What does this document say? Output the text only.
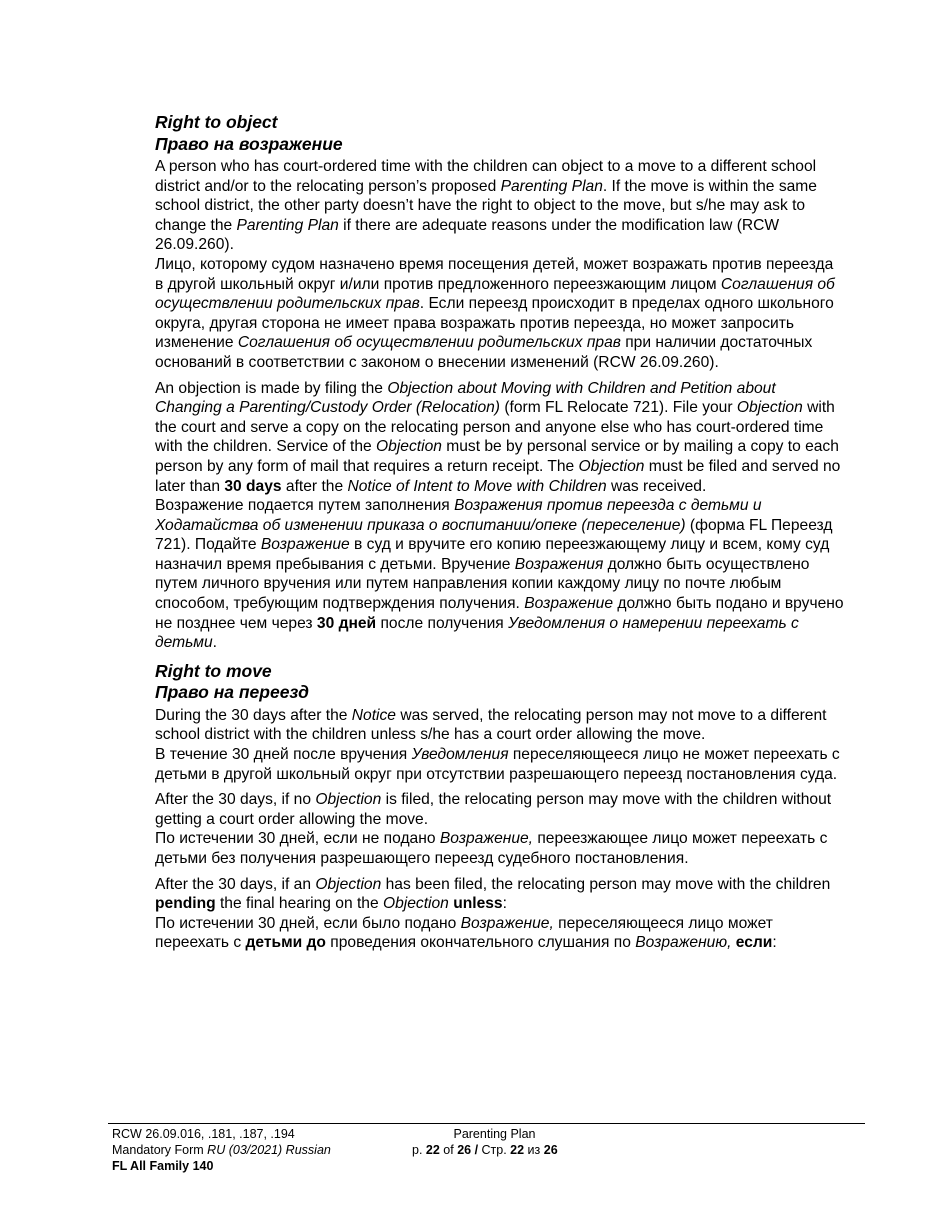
Right to object
Право на возражение

A person who has court-ordered time with the children can object to a move to a different school district and/or to the relocating person’s proposed Parenting Plan. If the move is within the same school district, the other party doesn’t have the right to object to the move, but s/he may ask to change the Parenting Plan if there are adequate reasons under the modification law (RCW 26.09.260).

Лицо, которому судом назначено время посещения детей, может возражать против переезда в другой школьный округ и/или против предложенного переезжающим лицом Соглашения об осуществлении родительских прав. Если переезд происходит в пределах одного школьного округа, другая сторона не имеет права возражать против переезда, но может запросить изменение Соглашения об осуществлении родительских прав при наличии достаточных оснований в соответствии с законом о внесении изменений (RCW 26.09.260).

An objection is made by filing the Objection about Moving with Children and Petition about Changing a Parenting/Custody Order (Relocation) (form FL Relocate 721). File your Objection with the court and serve a copy on the relocating person and anyone else who has court-ordered time with the children. Service of the Objection must be by personal service or by mailing a copy to each person by any form of mail that requires a return receipt. The Objection must be filed and served no later than 30 days after the Notice of Intent to Move with Children was received.

Возражение подается путем заполнения Возражения против переезда с детьми и Ходатайства об изменении приказа о воспитании/опеке (переселение) (форма FL Переезд 721). Подайте Возражение в суд и вручите его копию переезжающему лицу и всем, кому суд назначил время пребывания с детьми. Вручение Возражения должно быть осуществлено путем личного вручения или путем направления копии каждому лицу по почте любым способом, требующим подтверждения получения. Возражение должно быть подано и вручено не позднее чем через 30 дней после получения Уведомления о намерении переехать с детьми.

Right to move
Право на переезд

During the 30 days after the Notice was served, the relocating person may not move to a different school district with the children unless s/he has a court order allowing the move.

В течение 30 дней после вручения Уведомления переселяющееся лицо не может переехать с детьми в другой школьный округ при отсутствии разрешающего переезд постановления суда.

After the 30 days, if no Objection is filed, the relocating person may move with the children without getting a court order allowing the move.

По истечении 30 дней, если не подано Возражение, переезжающее лицо может переехать с детьми без получения разрешающего переезд судебного постановления.

After the 30 days, if an Objection has been filed, the relocating person may move with the children pending the final hearing on the Objection unless:

По истечении 30 дней, если было подано Возражение, переселяющееся лицо может переехать с детьми до проведения окончательного слушания по Возражению, если:

RCW 26.09.016, .181, .187, .194
Mandatory Form RU (03/2021) Russian
FL All Family 140
Parenting Plan
p. 22 of 26 / Стр. 22 из 26
